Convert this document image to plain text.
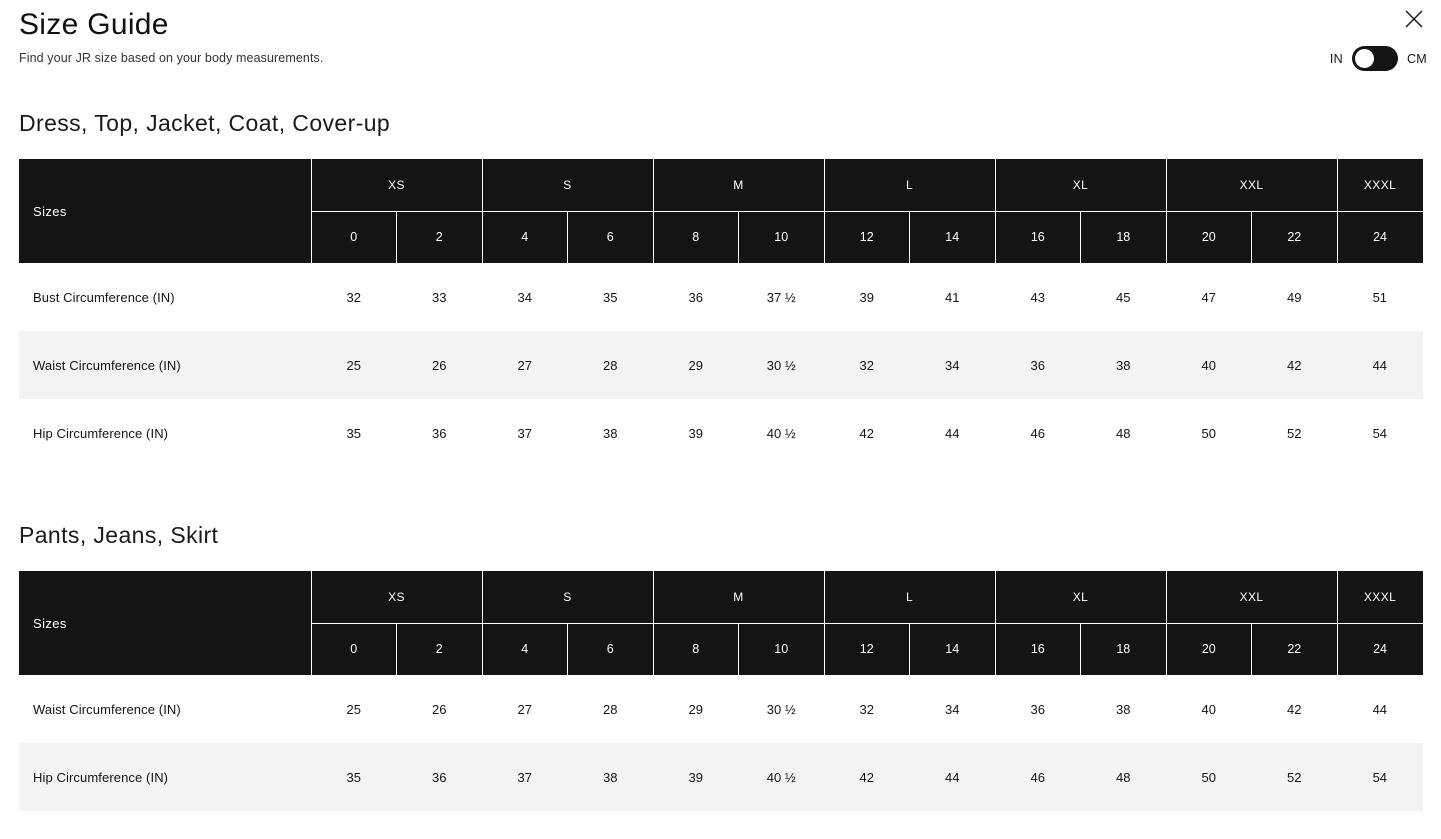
Size Guide
Find your JR size based on your body measurements.	IN	CM
Dress, Top, Jacket, Coat, Cover-up
Sizes	XS		S		M		L		XL		XXL		XXXL
	0	2	4	6	8	10	12	14	16	18	20	22	24
Bust Circumference (IN)	32	33	34	35	36	37 ½	39	41	43	45	47	49	51
Waist Circumference (IN)	25	26	27	28	29	30 ½	32	34	36	38	40	42	44
Hip Circumference (IN)	35	36	37	38	39	40 ½	42	44	46	48	50	52	54
Pants, Jeans, Skirt
Sizes	XS		S		M		L		XL		XXL		XXXL
	0	2	4	6	8	10	12	14	16	18	20	22	24
Waist Circumference (IN)	25	26	27	28	29	30 ½	32	34	36	38	40	42	44
Hip Circumference (IN)	35	36	37	38	39	40 ½	42	44	46	48	50	52	54
